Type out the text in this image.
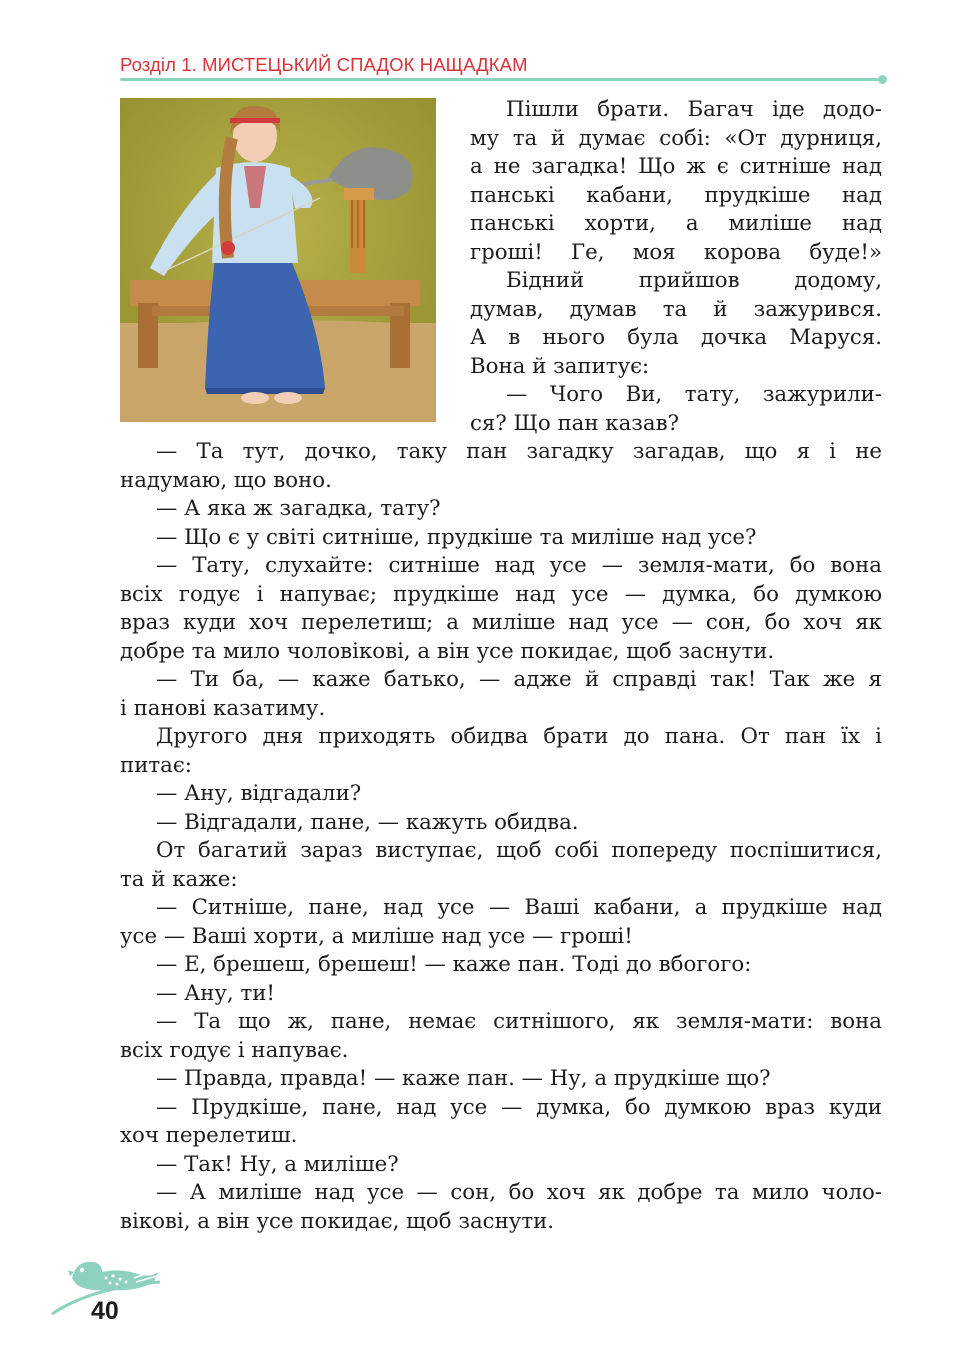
Розділ 1. МИСТЕЦЬКИЙ СПАДОК НАЩАДКАМ
Пішли брати. Багач іде додо-
му та й думає собі: «От дурниця,
а не загадка! Що ж є ситніше над
панські кабани, прудкіше над
панські хорти, а миліше над
гроші! Ге, моя корова буде!»
Бідний прийшов додому,
думав, думав та й зажурився.
А в нього була дочка Маруся.
Вона й запитує:
— Чого Ви, тату, зажурили-
ся? Що пан казав?
— Та тут, дочко, таку пан загадку загадав, що я і не
надумаю, що воно.
— А яка ж загадка, тату?
— Що є у світі ситніше, прудкіше та миліше над усе?
— Тату, слухайте: ситніше над усе — земля-мати, бо вона
всіх годує і напуває; прудкіше над усе — думка, бо думкою
враз куди хоч перелетиш; а миліше над усе — сон, бо хоч як
добре та мило чоловікові, а він усе покидає, щоб заснути.
— Ти ба, — каже батько, — адже й справді так! Так же я
і панові казатиму.
Другого дня приходять обидва брати до пана. От пан їх і
питає:
— Ану, відгадали?
— Відгадали, пане, — кажуть обидва.
От багатий зараз виступає, щоб собі попереду поспішитися,
та й каже:
— Ситніше, пане, над усе — Ваші кабани, а прудкіше над
усе — Ваші хорти, а миліше над усе — гроші!
— Е, брешеш, брешеш! — каже пан. Тоді до вбогого:
— Ану, ти!
— Та що ж, пане, немає ситнішого, як земля-мати: вона
всіх годує і напуває.
— Правда, правда! — каже пан. — Ну, а прудкіше що?
— Прудкіше, пане, над усе — думка, бо думкою враз куди
хоч перелетиш.
— Так! Ну, а миліше?
— А миліше над усе — сон, бо хоч як добре та мило чоло-
вікові, а він усе покидає, щоб заснути.
40
